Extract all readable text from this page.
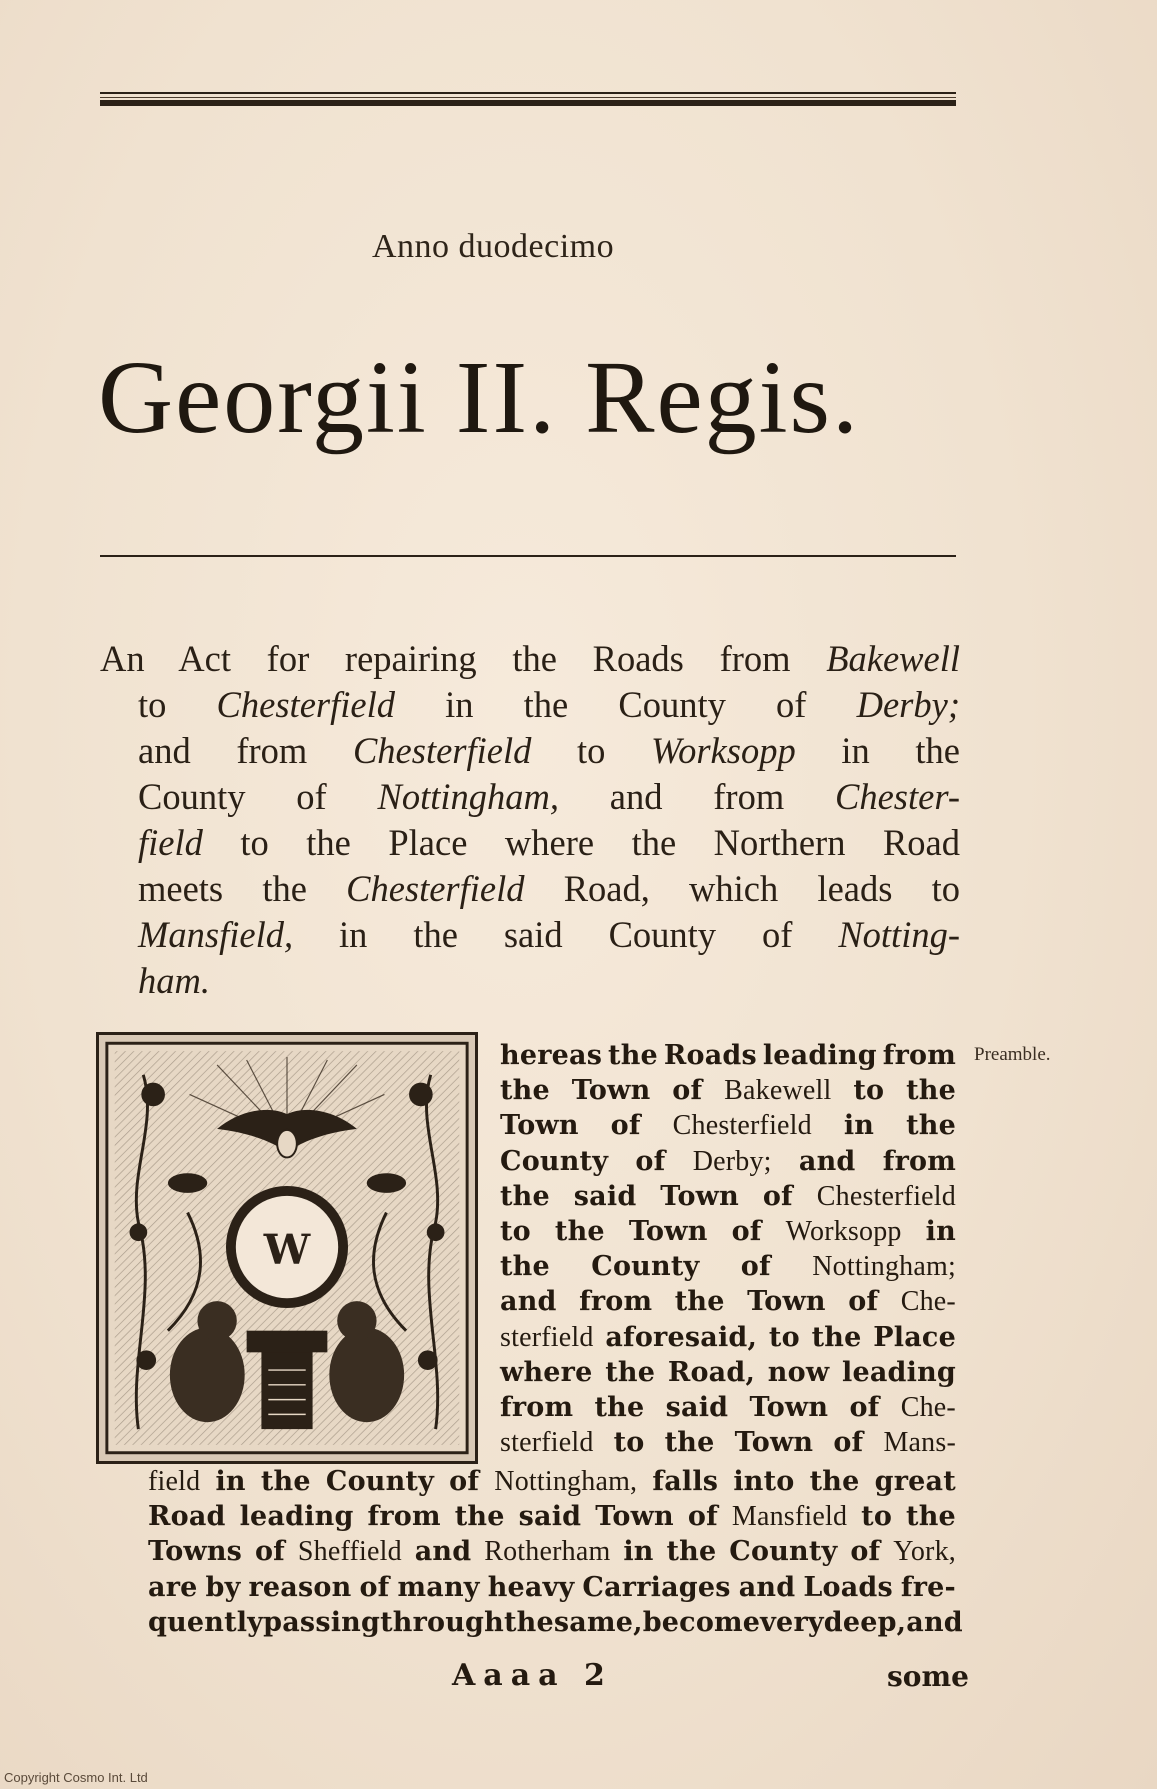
Anno duodecimo
Georgii II. Regis.
An Act for repairing the Roads from Bakewell
to Chesterfield in the County of Derby;
and from Chesterfield to Worksopp in the
County of Nottingham, and from Chester-
field to the Place where the Northern Road
meets the Chesterfield Road, which leads to
Mansfield, in the said County of Notting-
ham.
Preamble.
W
hereas the Roads leading from
the Town of Bakewell to the
Town of Chesterfield in the
County of Derby; and from
the said Town of Chesterfield
to the Town of Worksopp in
the County of Nottingham;
and from the Town of Che-
sterfield aforesaid, to the Place
where the Road, now leading
from the said Town of Che-
sterfield to the Town of Mans-
field in the County of Nottingham, falls into the great
Road leading from the said Town of Mansfield to the
Towns of Sheffield and Rotherham in the County of York,
are by reason of many heavy Carriages and Loads fre-
quently passing through the same, become very deep, and
Aaaa 2	some
Copyright Cosmo Int. Ltd
